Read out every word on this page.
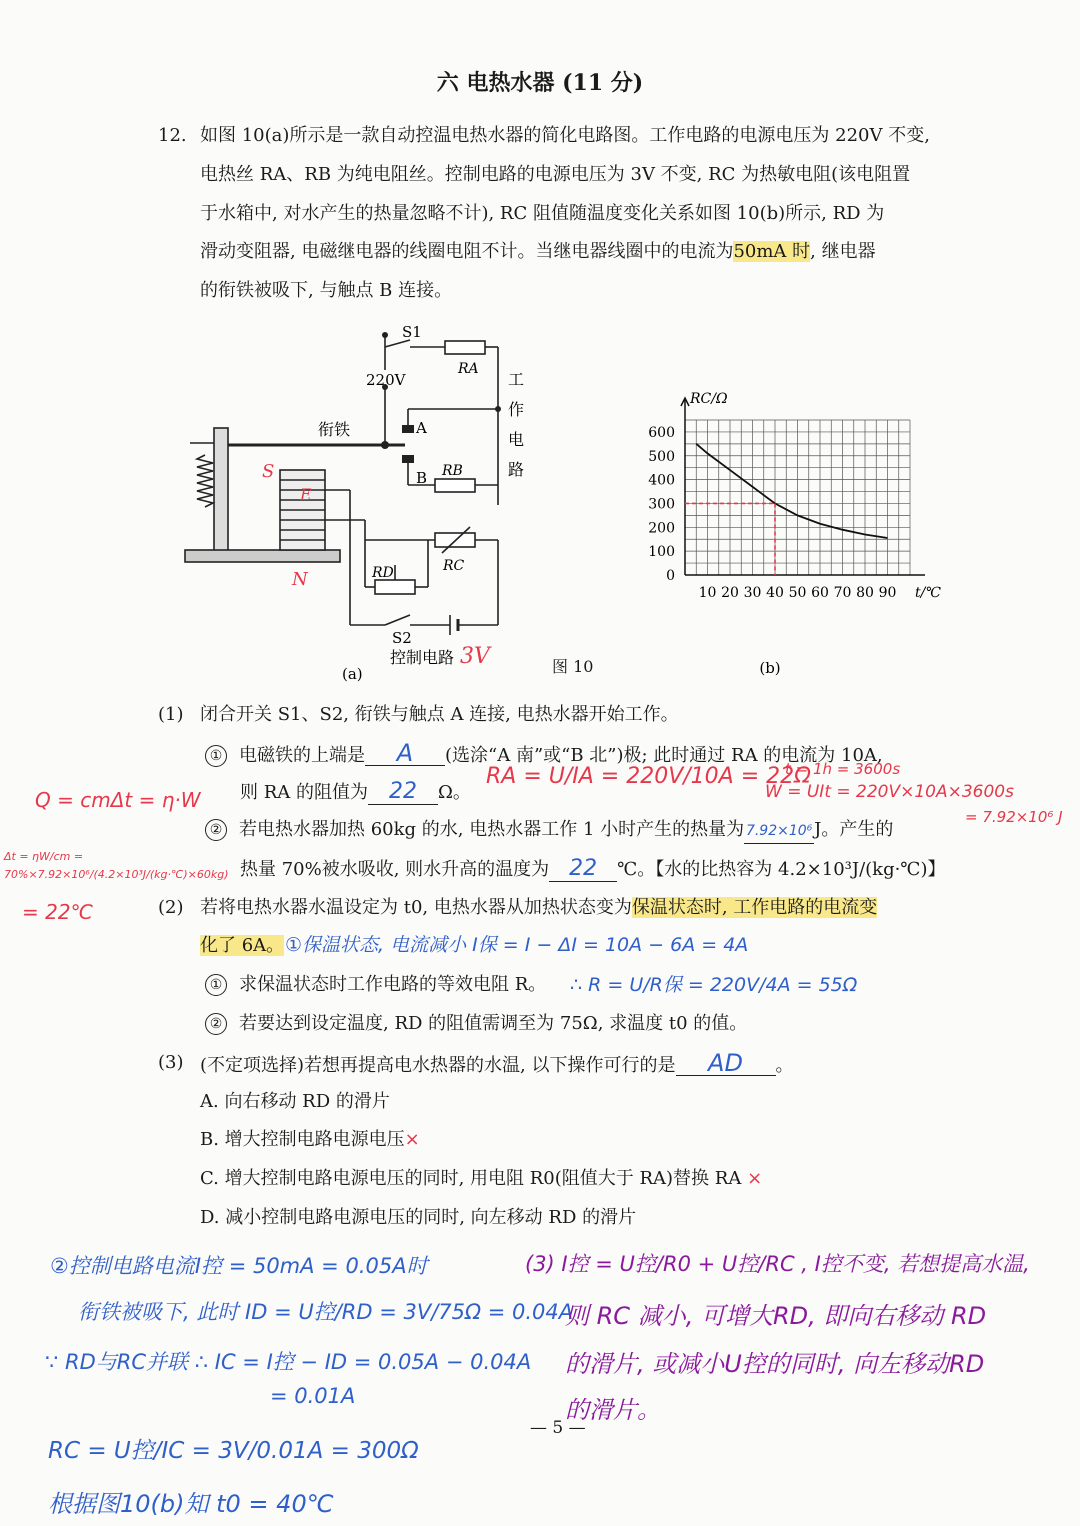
六 电热水器 (11 分)
12. 如图 10(a)所示是一款自动控温电热水器的简化电路图。工作电路的电源电压为 220V 不变,
电热丝 RA、RB 为纯电阻丝。控制电路的电源电压为 3V 不变, RC 为热敏电阻(该电阻置
于水箱中, 对水产生的热量忽略不计), RC 阻值随温度变化关系如图 10(b)所示, RD 为
滑动变阻器, 电磁继电器的线圈电阻不计。当继电器线圈中的电流为50mA 时, 继电器
的衔铁被吸下, 与触点 B 连接。
S1
RA
220V	工
作
电
路
衔铁	A
B RB
RC
RD
S2
控制电路 3V
S
N
E
(a)	图 10
10 20 30 40 50 60 70 80 90
0
100
200
300
400
500
600
RC/Ω
t/℃
(b)
(1) 闭合开关 S1、S2, 衔铁与触点 A 连接, 电热水器开始工作。
① 电磁铁的上端是 A (选涂“A 南”或“B 北”)极; 此时通过 RA 的电流为 10A,
则 RA 的阻值为 22 Ω。
② 若电热水器加热 60kg 的水, 电热水器工作 1 小时产生的热量为 7.92×10⁶ J。产生的
热量 70%被水吸收, 则水升高的温度为 22 ℃。【水的比热容为 4.2×10³J/(kg·℃)】
(2) 若将电热水器水温设定为 t0, 电热水器从加热状态变为保温状态时, 工作电路的电流变
化了 6A。
① 求保温状态时工作电路的等效电阻 R。
② 若要达到设定温度, RD 的阻值需调至为 75Ω, 求温度 t0 的值。
(3) (不定项选择)若想再提高电水热器的水温, 以下操作可行的是 AD 。
A. 向右移动 RD 的滑片
B. 增大控制电路电源电压×
C. 增大控制电路电源电压的同时, 用电阻 R0(阻值大于 RA)替换 RA ×
D. 减小控制电路电源电压的同时, 向左移动 RD 的滑片
— 5 —
RA = U/IA = 220V/10A = 22Ω
t = 1h = 3600s
W = UIt = 220V×10A×3600s
= 7.92×10⁶ J
Q = cmΔt = η·W
Δt = ηW/cm = 70%×7.92×10⁶/(4.2×10³J/(kg·℃)×60kg)
= 22℃
①保温状态, 电流减小 I保 = I − ΔI = 10A − 6A = 4A
∴ R = U/R保 = 220V/4A = 55Ω
②控制电路电流I控 = 50mA = 0.05A时
衔铁被吸下, 此时 ID = U控/RD = 3V/75Ω = 0.04A
∵ RD与RC并联 ∴ IC = I控 − ID = 0.05A − 0.04A
= 0.01A
RC = U控/IC = 3V/0.01A = 300Ω
根据图10(b)知 t0 = 40℃
(3) I控 = U控/R0 + U控/RC , I控不变, 若想提高水温,
则 RC 减小, 可增大RD, 即向右移动 RD
的滑片, 或减小U控的同时, 向左移动RD
的滑片。
